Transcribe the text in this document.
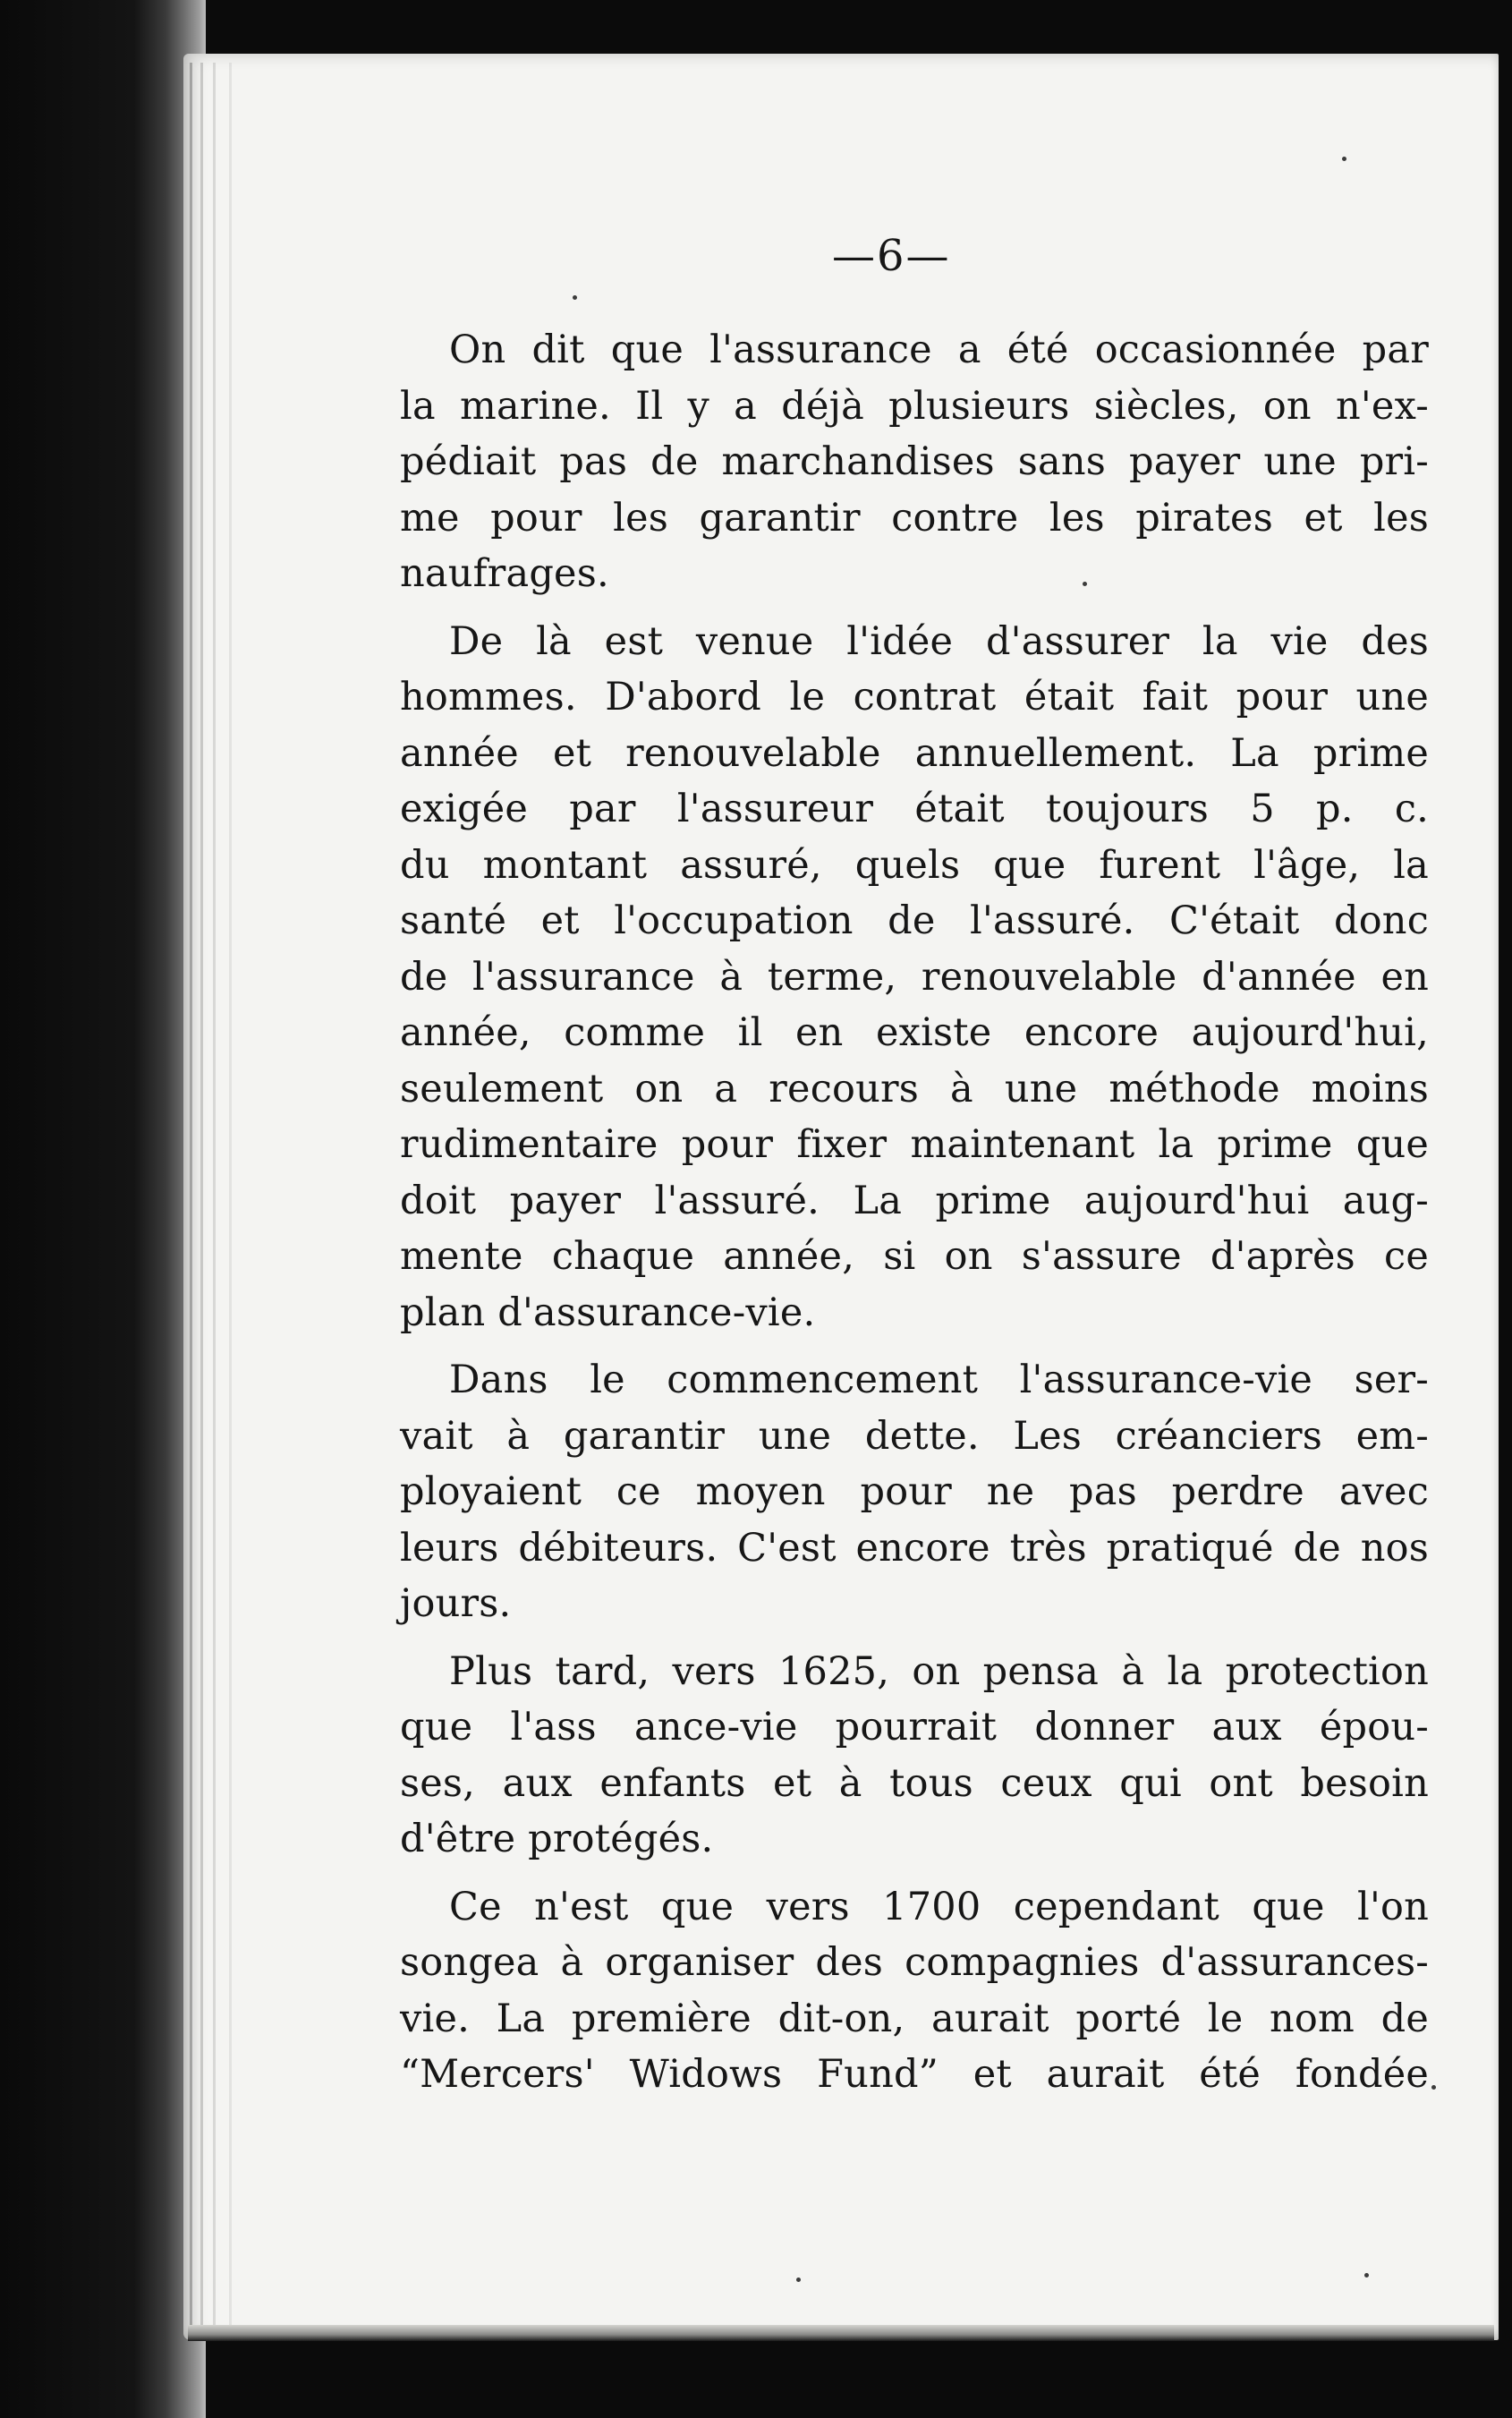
—6—
On dit que l'assurance a été occasionnée par
la marine. Il y a déjà plusieurs siècles, on n'ex-
pédiait pas de marchandises sans payer une pri-
me pour les garantir contre les pirates et les
naufrages.
De là est venue l'idée d'assurer la vie des
hommes. D'abord le contrat était fait pour une
année et renouvelable annuellement. La prime
exigée par l'assureur était toujours 5 p. c.
du montant assuré, quels que furent l'âge, la
santé et l'occupation de l'assuré. C'était donc
de l'assurance à terme, renouvelable d'année en
année, comme il en existe encore aujourd'hui,
seulement on a recours à une méthode moins
rudimentaire pour fixer maintenant la prime que
doit payer l'assuré. La prime aujourd'hui aug-
mente chaque année, si on s'assure d'après ce
plan d'assurance-vie.
Dans le commencement l'assurance-vie ser-
vait à garantir une dette. Les créanciers em-
ployaient ce moyen pour ne pas perdre avec
leurs débiteurs. C'est encore très pratiqué de nos
jours.
Plus tard, vers 1625, on pensa à la protection
que l'ass ance-vie pourrait donner aux épou-
ses, aux enfants et à tous ceux qui ont besoin
d'être protégés.
Ce n'est que vers 1700 cependant que l'on
songea à organiser des compagnies d'assurances-
vie. La première dit-on, aurait porté le nom de
“Mercers' Widows Fund” et aurait été fondée
